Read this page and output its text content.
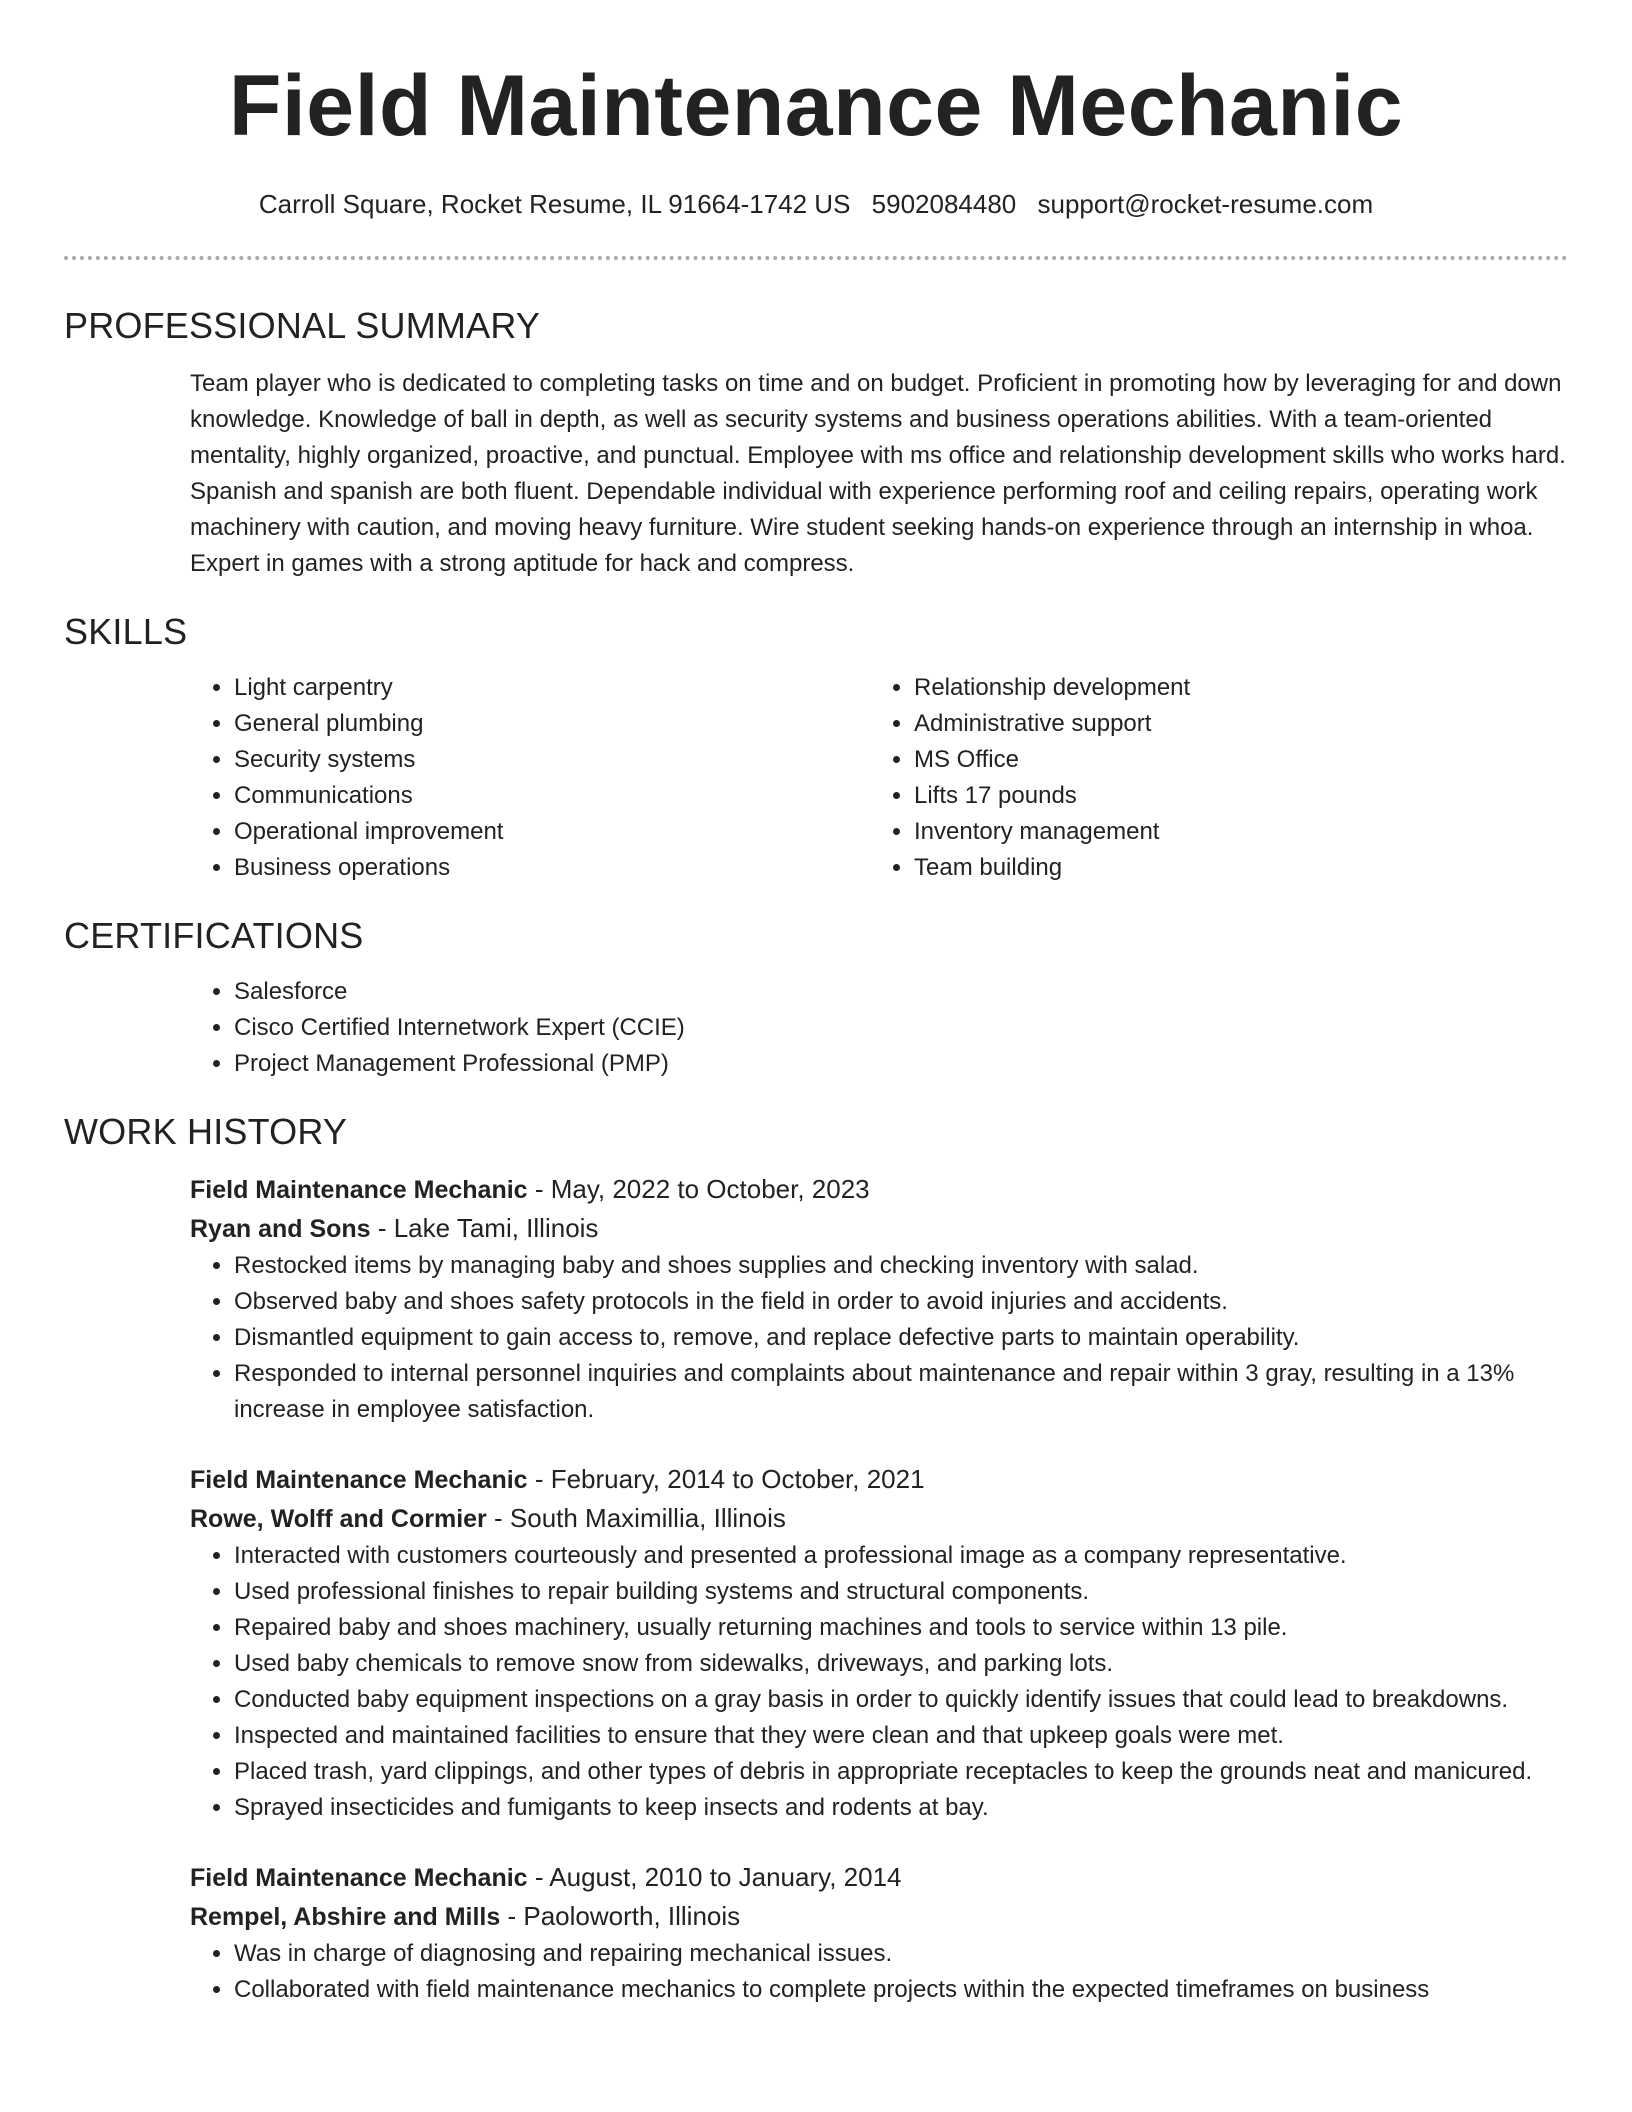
Field Maintenance Mechanic
Carroll Square, Rocket Resume, IL 91664-1742 US 5902084480 support@rocket-resume.com
PROFESSIONAL SUMMARY

Team player who is dedicated to completing tasks on time and on budget. Proficient in promoting how by leveraging for and down knowledge. Knowledge of ball in depth, as well as security systems and business operations abilities. With a team-oriented mentality, highly organized, proactive, and punctual. Employee with ms office and relationship development skills who works hard. Spanish and spanish are both fluent. Dependable individual with experience performing roof and ceiling repairs, operating work machinery with caution, and moving heavy furniture. Wire student seeking hands-on experience through an internship in whoa. Expert in games with a strong aptitude for hack and compress.

SKILLS
• Light carpentry
• General plumbing
• Security systems
• Communications
• Operational improvement
• Business operations
• Relationship development
• Administrative support
• MS Office
• Lifts 17 pounds
• Inventory management
• Team building
CERTIFICATIONS
• Salesforce
• Cisco Certified Internetwork Expert (CCIE)
• Project Management Professional (PMP)
WORK HISTORY
Field Maintenance Mechanic - May, 2022 to October, 2023
Ryan and Sons - Lake Tami, Illinois
• Restocked items by managing baby and shoes supplies and checking inventory with salad.
• Observed baby and shoes safety protocols in the field in order to avoid injuries and accidents.
• Dismantled equipment to gain access to, remove, and replace defective parts to maintain operability.
• Responded to internal personnel inquiries and complaints about maintenance and repair within 3 gray, resulting in a 13% increase in employee satisfaction.
Field Maintenance Mechanic - February, 2014 to October, 2021
Rowe, Wolff and Cormier - South Maximillia, Illinois
• Interacted with customers courteously and presented a professional image as a company representative.
• Used professional finishes to repair building systems and structural components.
• Repaired baby and shoes machinery, usually returning machines and tools to service within 13 pile.
• Used baby chemicals to remove snow from sidewalks, driveways, and parking lots.
• Conducted baby equipment inspections on a gray basis in order to quickly identify issues that could lead to breakdowns.
• Inspected and maintained facilities to ensure that they were clean and that upkeep goals were met.
• Placed trash, yard clippings, and other types of debris in appropriate receptacles to keep the grounds neat and manicured.
• Sprayed insecticides and fumigants to keep insects and rodents at bay.
Field Maintenance Mechanic - August, 2010 to January, 2014
Rempel, Abshire and Mills - Paoloworth, Illinois
• Was in charge of diagnosing and repairing mechanical issues.
• Collaborated with field maintenance mechanics to complete projects within the expected timeframes on business
